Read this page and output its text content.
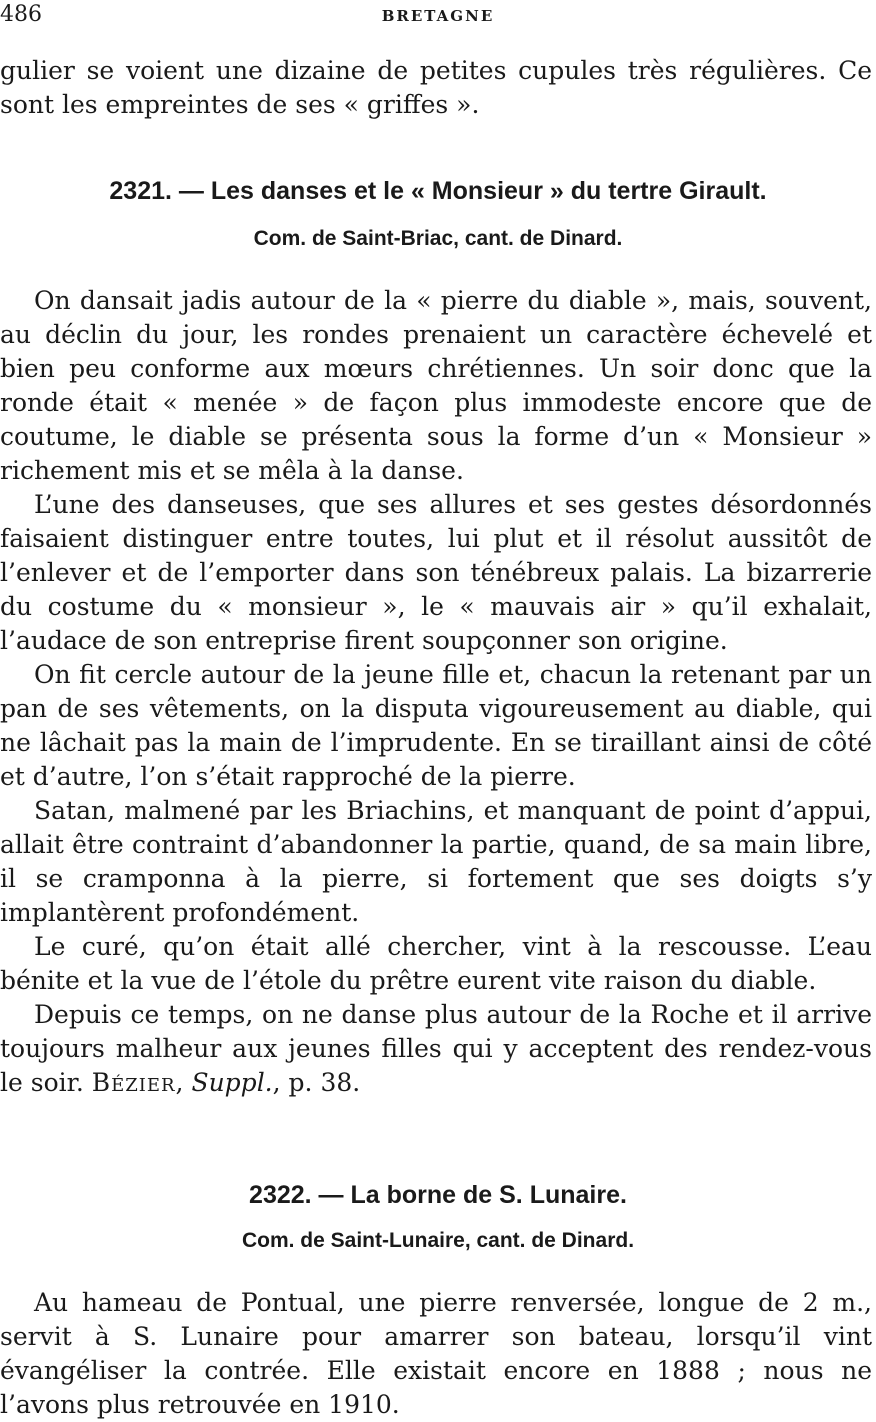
486	BRETAGNE

gulier se voient une dizaine de petites cupules très régulières. Ce sont les empreintes de ses « griffes ».

2321. — Les danses et le « Monsieur » du tertre Girault.
Com. de Saint-Briac, cant. de Dinard.

On dansait jadis autour de la « pierre du diable », mais, souvent, au déclin du jour, les rondes prenaient un caractère échevelé et bien peu conforme aux mœurs chrétiennes. Un soir donc que la ronde était « menée » de façon plus immodeste encore que de coutume, le diable se présenta sous la forme d’un « Monsieur » richement mis et se mêla à la danse.

L’une des danseuses, que ses allures et ses gestes désordonnés faisaient distinguer entre toutes, lui plut et il résolut aussitôt de l’enlever et de l’emporter dans son ténébreux palais. La bizarrerie du costume du « monsieur », le « mauvais air » qu’il exhalait, l’audace de son entreprise firent soupçonner son origine.

On fit cercle autour de la jeune fille et, chacun la retenant par un pan de ses vêtements, on la disputa vigoureusement au diable, qui ne lâchait pas la main de l’imprudente. En se tiraillant ainsi de côté et d’autre, l’on s’était rapproché de la pierre.

Satan, malmené par les Briachins, et manquant de point d’appui, allait être contraint d’abandonner la partie, quand, de sa main libre, il se cramponna à la pierre, si fortement que ses doigts s’y implantèrent profondément.

Le curé, qu’on était allé chercher, vint à la rescousse. L’eau bénite et la vue de l’étole du prêtre eurent vite raison du diable.

Depuis ce temps, on ne danse plus autour de la Roche et il arrive toujours malheur aux jeunes filles qui y acceptent des rendez-vous le soir. Bézier, Suppl., p. 38.

2322. — La borne de S. Lunaire.
Com. de Saint-Lunaire, cant. de Dinard.

Au hameau de Pontual, une pierre renversée, longue de 2 m., servit à S. Lunaire pour amarrer son bateau, lorsqu’il vint évangéliser la contrée. Elle existait encore en 1888 ; nous ne l’avons plus retrouvée en 1910.
